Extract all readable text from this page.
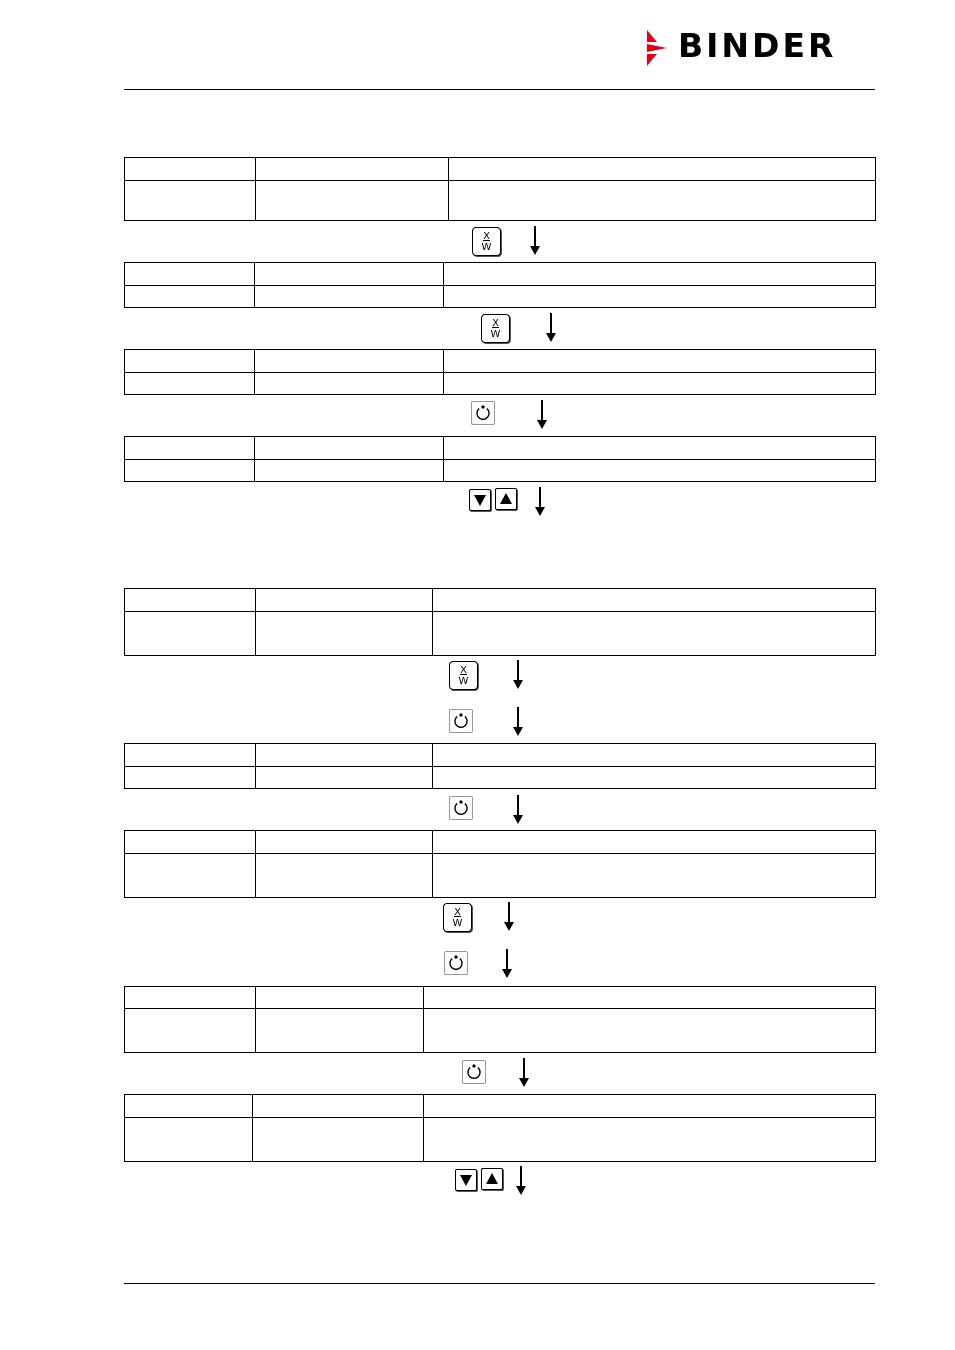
BINDER

X
W

X
W

X
W

X
W
